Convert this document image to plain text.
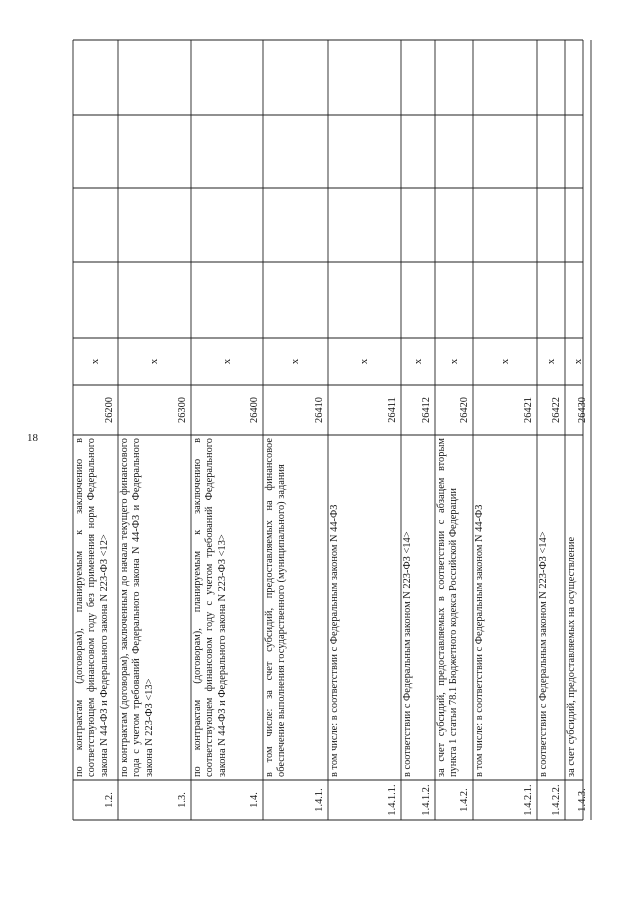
18
1.2.
по контрактам (договорам), планируемым к заключению в соответствующем финансовом году без применения норм Федерального закона N 44-ФЗ и Федерального закона N 223-ФЗ <12>
26200
x
1.3.
по контрактам (договорам), заключенным до начала текущего финансового года с учетом требований Федерального закона N 44-ФЗ и Федерального закона N 223-ФЗ <13>
26300
x
1.4.
по контрактам (договорам), планируемым к заключению в соответствующем финансовом году с учетом требований Федерального закона N 44-ФЗ и Федерального закона N 223-ФЗ <13>
26400
x
1.4.1.
в том числе: за счет субсидий, предоставляемых на финансовое обеспечение выполнения государственного (муниципального) задания
26410
x
1.4.1.1.
в том числе: в соответствии с Федеральным законом N 44-ФЗ
26411
x
1.4.1.2.
в соответствии с Федеральным законом N 223-ФЗ <14>
26412
x
1.4.2.
за счет субсидий, предоставляемых в соответствии с абзацем вторым пункта 1 статьи 78.1 Бюджетного кодекса Российской Федерации
26420
x
1.4.2.1.
в том числе: в соответствии с Федеральным законом N 44-ФЗ
26421
x
1.4.2.2.
в соответствии с Федеральным законом N 223-ФЗ <14>
26422
x
1.4.3.
за счет субсидий, предоставляемых на осуществление
26430
x
